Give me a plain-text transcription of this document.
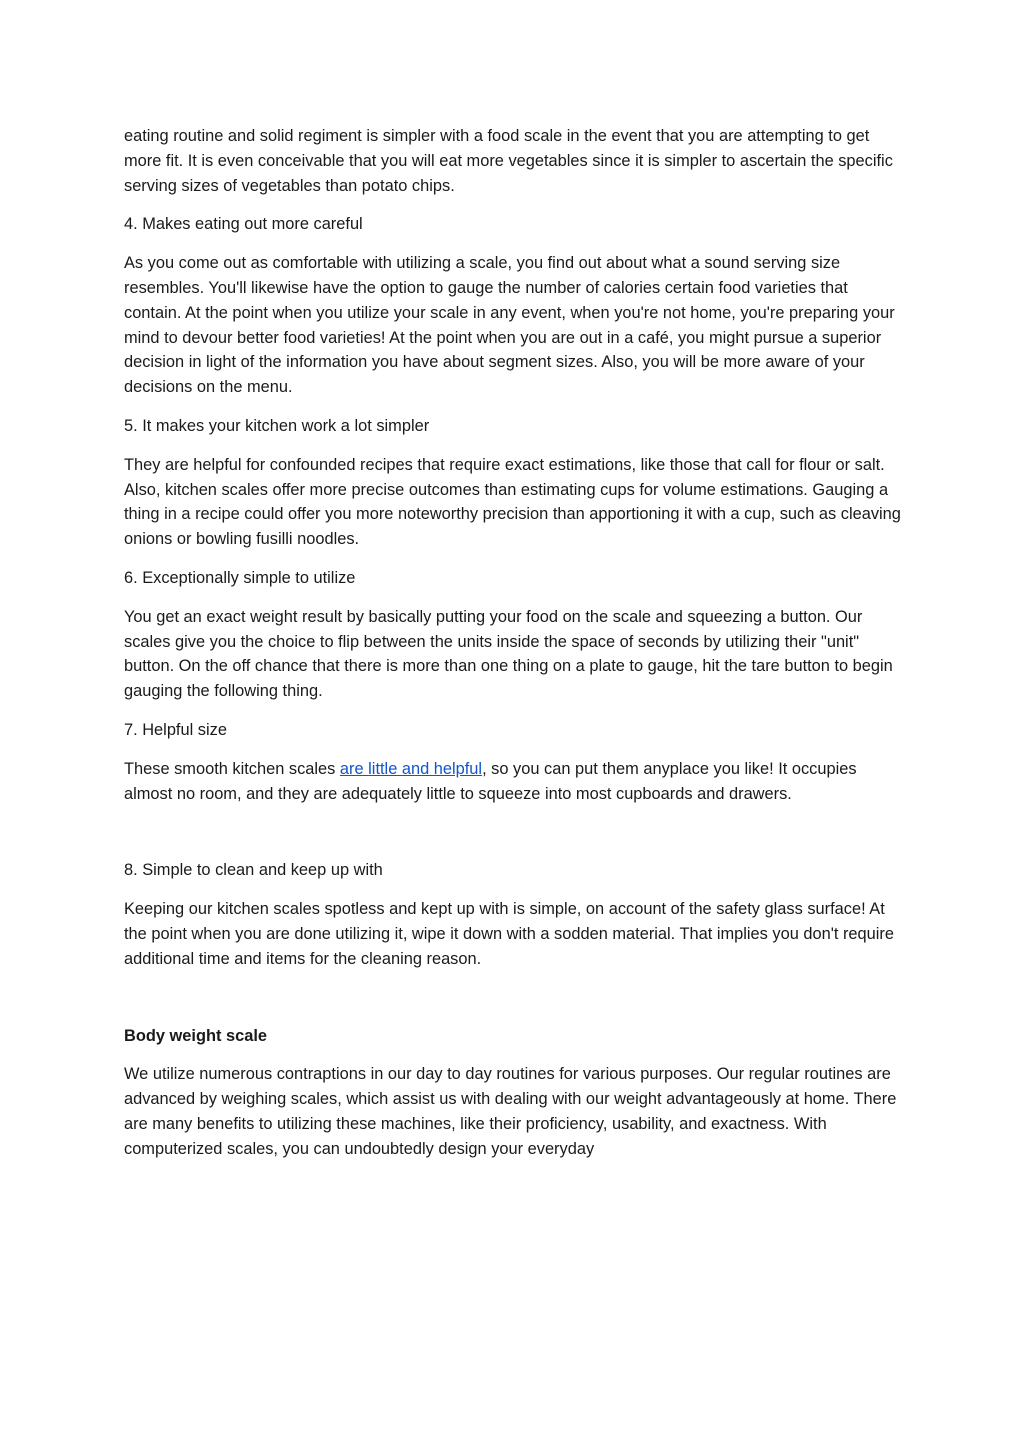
eating routine and solid regiment is simpler with a food scale in the event that you are attempting to get more fit. It is even conceivable that you will eat more vegetables since it is simpler to ascertain the specific serving sizes of vegetables than potato chips.

4. Makes eating out more careful

As you come out as comfortable with utilizing a scale, you find out about what a sound serving size resembles. You'll likewise have the option to gauge the number of calories certain food varieties that contain. At the point when you utilize your scale in any event, when you're not home, you're preparing your mind to devour better food varieties! At the point when you are out in a café, you might pursue a superior decision in light of the information you have about segment sizes. Also, you will be more aware of your decisions on the menu.

5. It makes your kitchen work a lot simpler

They are helpful for confounded recipes that require exact estimations, like those that call for flour or salt. Also, kitchen scales offer more precise outcomes than estimating cups for volume estimations. Gauging a thing in a recipe could offer you more noteworthy precision than apportioning it with a cup, such as cleaving onions or bowling fusilli noodles.

6. Exceptionally simple to utilize

You get an exact weight result by basically putting your food on the scale and squeezing a button. Our scales give you the choice to flip between the units inside the space of seconds by utilizing their "unit" button. On the off chance that there is more than one thing on a plate to gauge, hit the tare button to begin gauging the following thing.

7. Helpful size

These smooth kitchen scales are little and helpful, so you can put them anyplace you like! It occupies almost no room, and they are adequately little to squeeze into most cupboards and drawers.

8. Simple to clean and keep up with

Keeping our kitchen scales spotless and kept up with is simple, on account of the safety glass surface! At the point when you are done utilizing it, wipe it down with a sodden material. That implies you don't require additional time and items for the cleaning reason.

Body weight scale

We utilize numerous contraptions in our day to day routines for various purposes. Our regular routines are advanced by weighing scales, which assist us with dealing with our weight advantageously at home. There are many benefits to utilizing these machines, like their proficiency, usability, and exactness. With computerized scales, you can undoubtedly design your everyday
